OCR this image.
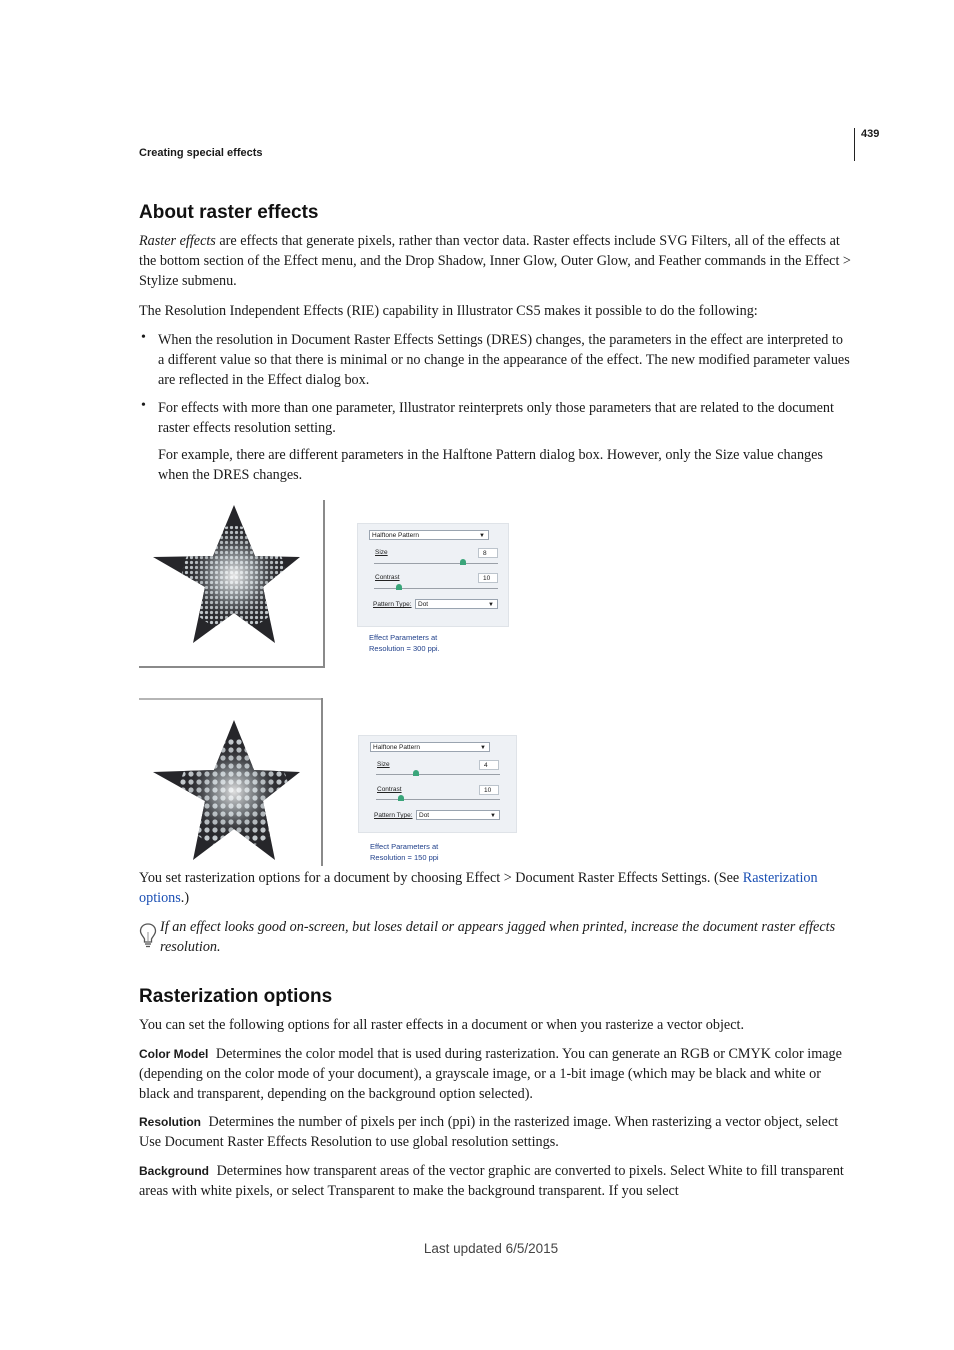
439
Creating special effects
About raster effects

Raster effects are effects that generate pixels, rather than vector data. Raster effects include SVG Filters, all of the effects at the bottom section of the Effect menu, and the Drop Shadow, Inner Glow, Outer Glow, and Feather commands in the Effect > Stylize submenu.

The Resolution Independent Effects (RIE) capability in Illustrator CS5 makes it possible to do the following:

• When the resolution in Document Raster Effects Settings (DRES) changes, the parameters in the effect are interpreted to a different value so that there is minimal or no change in the appearance of the effect. The new modified parameter values are reflected in the Effect dialog box.

• For effects with more than one parameter, Illustrator reinterprets only those parameters that are related to the document raster effects resolution setting.

For example, there are different parameters in the Halftone Pattern dialog box. However, only the Size value changes when the DRES changes.

Halftone Pattern	▼
Size	8
Contrast	10
Pattern Type: Dot	▼
Effect Parameters at
Resolution = 300 ppi.
Halftone Pattern	▼
Size	4
Contrast	10
Pattern Type: Dot	▼
Effect Parameters at
Resolution = 150 ppi

You set rasterization options for a document by choosing Effect > Document Raster Effects Settings. (See Rasterization options.)

If an effect looks good on-screen, but loses detail or appears jagged when printed, increase the document raster effects resolution.

Rasterization options

You can set the following options for all raster effects in a document or when you rasterize a vector object.

Color Model Determines the color model that is used during rasterization. You can generate an RGB or CMYK color image (depending on the color mode of your document), a grayscale image, or a 1-bit image (which may be black and white or black and transparent, depending on the background option selected).

Resolution Determines the number of pixels per inch (ppi) in the rasterized image. When rasterizing a vector object, select Use Document Raster Effects Resolution to use global resolution settings.

Background Determines how transparent areas of the vector graphic are converted to pixels. Select White to fill transparent areas with white pixels, or select Transparent to make the background transparent. If you select

Last updated 6/5/2015
